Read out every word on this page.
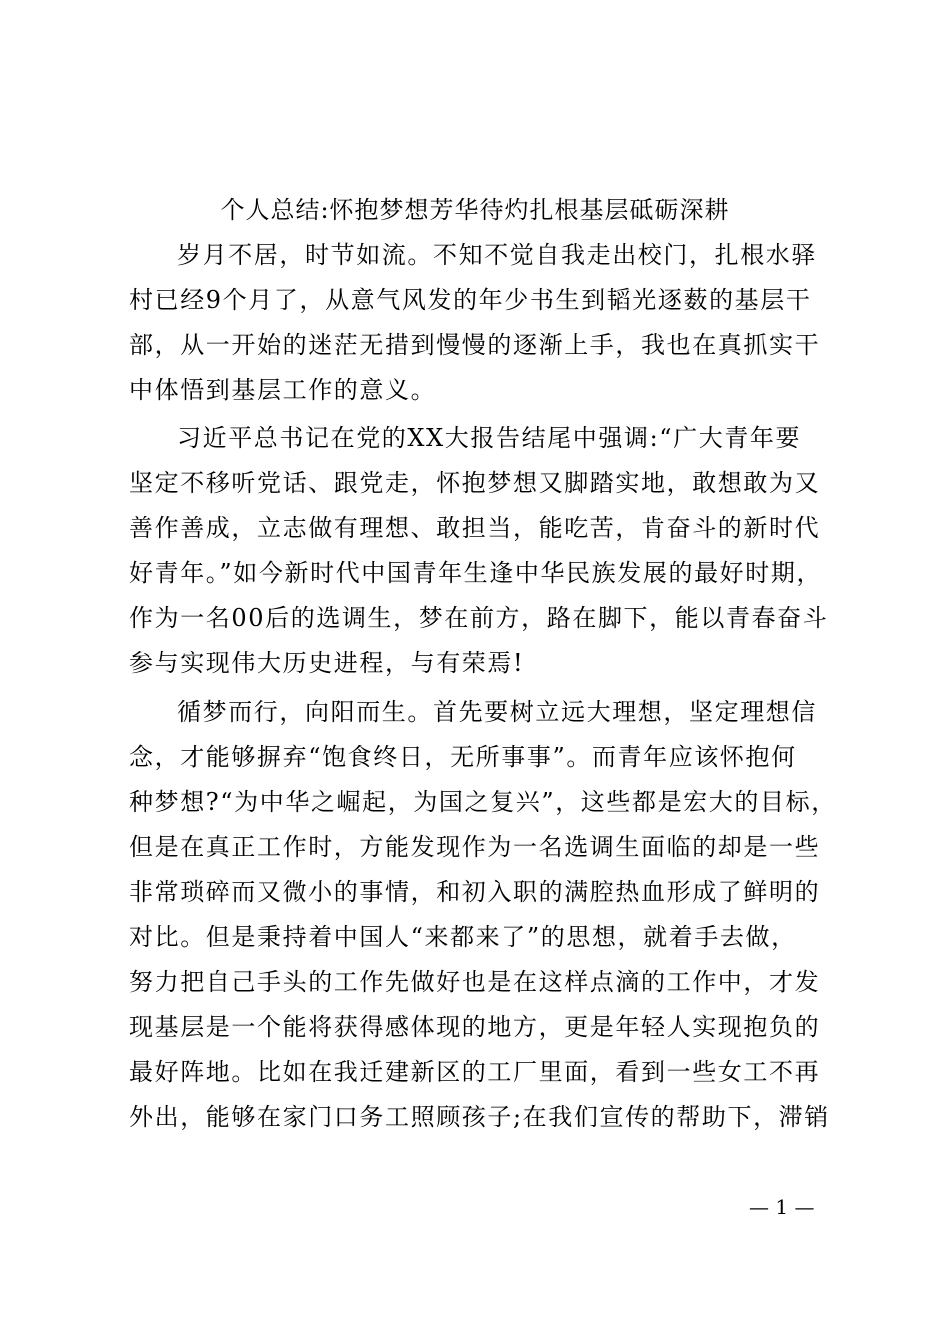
个人总结:怀抱梦想芳华待灼扎根基层砥砺深耕
岁月不居，时节如流。不知不觉自我走出校门，扎根水驿
村已经9个月了，从意气风发的年少书生到韬光逐薮的基层干
部，从一开始的迷茫无措到慢慢的逐渐上手，我也在真抓实干
中体悟到基层工作的意义。
习近平总书记在党的XX大报告结尾中强调:“广大青年要
坚定不移听党话、跟党走，怀抱梦想又脚踏实地，敢想敢为又
善作善成，立志做有理想、敢担当，能吃苦，肯奋斗的新时代
好青年。”如今新时代中国青年生逢中华民族发展的最好时期，
作为一名00后的选调生，梦在前方，路在脚下，能以青春奋斗
参与实现伟大历史进程，与有荣焉!
循梦而行，向阳而生。首先要树立远大理想，坚定理想信
念，才能够摒弃“饱食终日，无所事事”。而青年应该怀抱何
种梦想?“为中华之崛起，为国之复兴”，这些都是宏大的目标，
但是在真正工作时，方能发现作为一名选调生面临的却是一些
非常琐碎而又微小的事情，和初入职的满腔热血形成了鲜明的
对比。但是秉持着中国人“来都来了”的思想，就着手去做，
努力把自己手头的工作先做好也是在这样点滴的工作中，才发
现基层是一个能将获得感体现的地方，更是年轻人实现抱负的
最好阵地。比如在我迁建新区的工厂里面，看到一些女工不再
外出，能够在家门口务工照顾孩子;在我们宣传的帮助下，滞销
— 1 —
